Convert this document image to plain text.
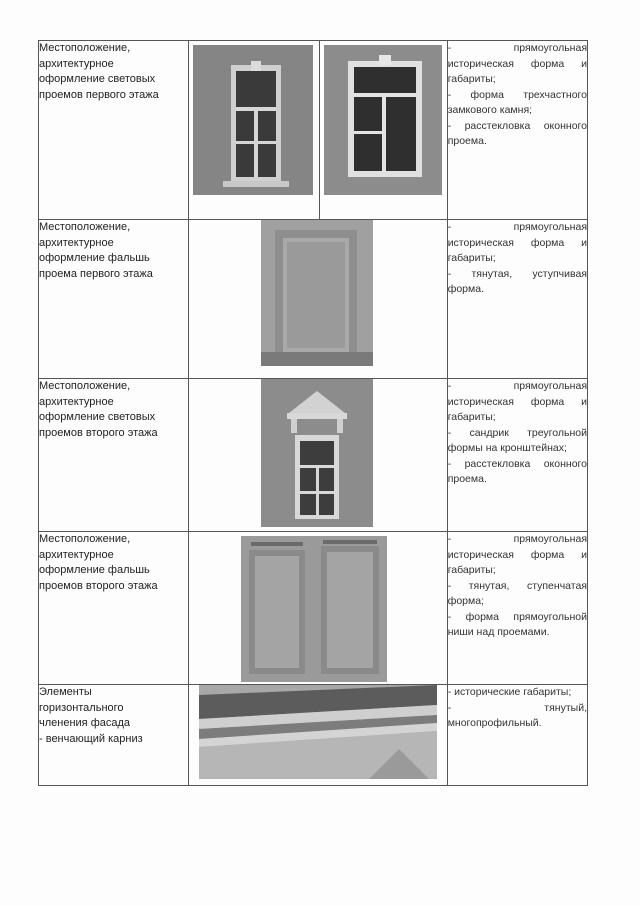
Местоположение,
архитектурное
оформление световых
проемов первого этажа			- прямоугольная историческая форма и габариты;
- форма трехчастного замкового камня;
- расстекловка оконного проема.

Местоположение,
архитектурное
оформление фальшь
проема первого этажа			- прямоугольная историческая форма и габариты;
- тянутая, уступчивая форма.

Местоположение,
архитектурное
оформление световых
проемов второго этажа			- прямоугольная историческая форма и габариты;
- сандрик треугольной формы на кронштейнах;
- расстекловка оконного проема.

Местоположение,
архитектурное
оформление фальшь
проемов второго этажа			- прямоугольная историческая форма и габариты;
- тянутая, ступенчатая форма;
- форма прямоугольной ниши над проемами.

Элементы
горизонтального
членения фасада
- венчающий карниз			- исторические габариты;
- тянутый, многопрофильный.
